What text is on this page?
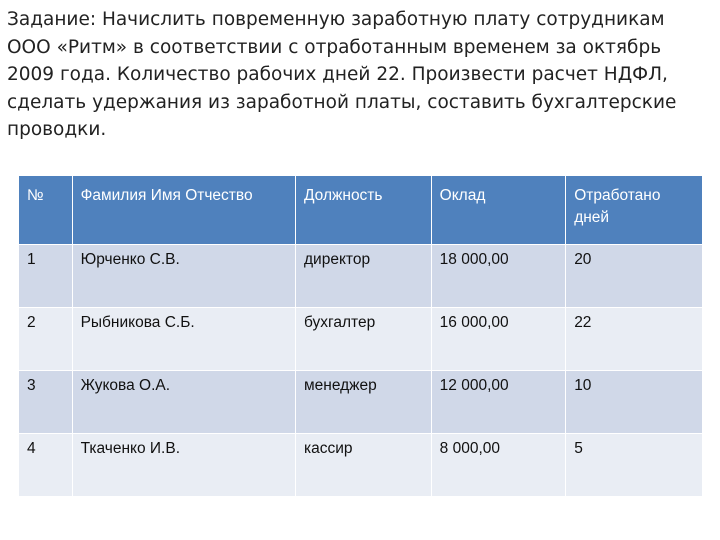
Задание: Начислить повременную заработную плату сотрудникам ООО «Ритм» в соответствии с отработанным временем за октябрь 2009 года. Количество рабочих дней 22. Произвести расчет НДФЛ, сделать удержания из заработной платы, составить бухгалтерские проводки.

№	Фамилия Имя Отчество	Должность	Оклад	Отработано дней
1	Юрченко С.В.	директор	18 000,00	20
2	Рыбникова С.Б.	бухгалтер	16 000,00	22
3	Жукова О.А.	менеджер	12 000,00	10
4	Ткаченко И.В.	кассир	8 000,00	5
